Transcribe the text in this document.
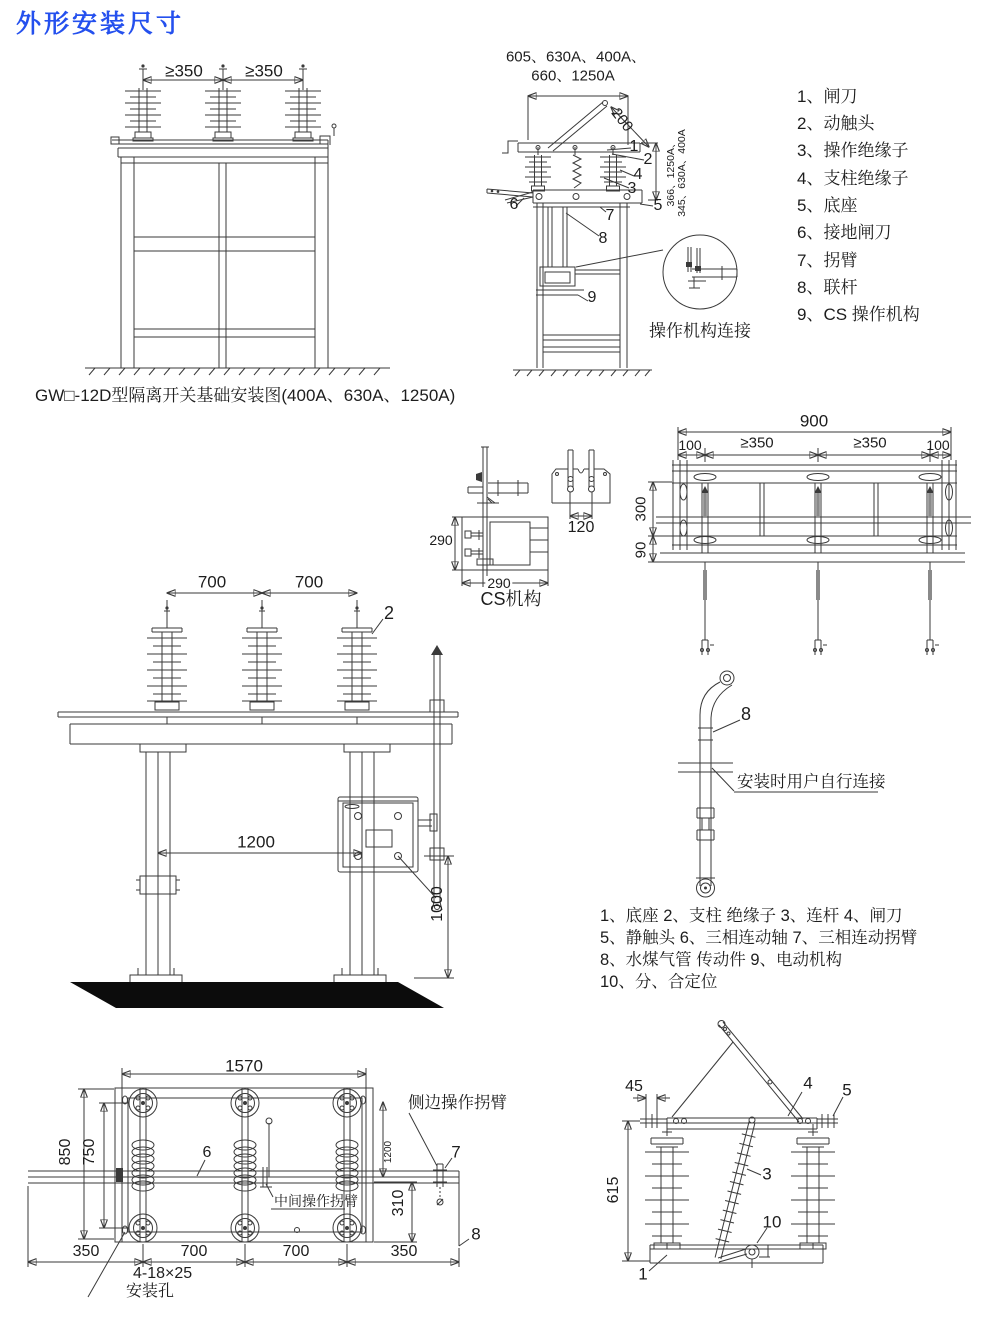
外形安装尺寸
≥350 ≥350
GW□-12D型隔离开关基础安装图(400A、630A、1250A)
605、630A、400A、
660、1250A
200
366、1250A、 345、630A、400A
1
2
4
3
5
6
7
8
9
操作机构连接
1、闸刀
2、动触头
3、操作绝缘子
4、支柱绝缘子
5、底座
6、接地闸刀
7、拐臂
8、联杆
9、CS 操作机构
290
290
120
CS机构
900
100	≥350	≥350	100
300
90
700	700
2
1200
1000
8
安装时用户自行连接
1、底座 2、支柱 绝缘子 3、连杆 4、闸刀
5、静触头 6、三相连动轴 7、三相连动拐臂
8、水煤气管 传动件 9、电动机构
10、分、合定位
1570
850 750	1200
310
6	7
8
侧边操作拐臂
中间操作拐臂
350	700	700	350
4-18×25
安装孔
45
615
4 5
3
10
1
